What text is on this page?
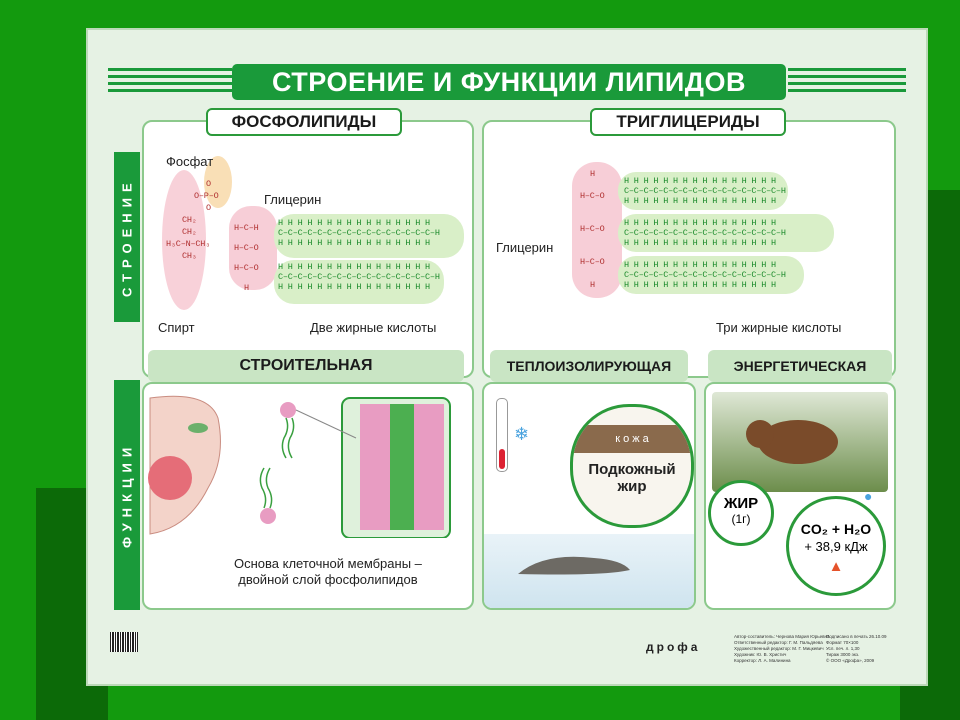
СТРОЕНИЕ И ФУНКЦИИ ЛИПИДОВ
СТРОЕНИЕ
ФУНКЦИИ
O
O–P–O
O
CH₂
CH₂
H₃C–N–CH₃
CH₃
H–C–H
H–C–O
H–C–O
H
H H H H H H H H H H H H H H H H
C–C–C–C–C–C–C–C–C–C–C–C–C–C–C–C–H
H H H H H H H H H H H H H H H H
H H H H H H H H H H H H H H H H
C–C–C–C–C–C–C–C–C–C–C–C–C–C–C–C–H
H H H H H H H H H H H H H H H H
Фосфат
Глицерин
Спирт	Две жирные кислоты
ФОСФОЛИПИДЫ
H
H–C–O
H–C–O
H–C–O
H
H H H H H H H H H H H H H H H H
C–C–C–C–C–C–C–C–C–C–C–C–C–C–C–C–H
H H H H H H H H H H H H H H H H
H H H H H H H H H H H H H H H H
C–C–C–C–C–C–C–C–C–C–C–C–C–C–C–C–H
H H H H H H H H H H H H H H H H
H H H H H H H H H H H H H H H H
C–C–C–C–C–C–C–C–C–C–C–C–C–C–C–C–H
H H H H H H H H H H H H H H H H
Глицерин
Три жирные кислоты
ТРИГЛИЦЕРИДЫ
СТРОИТЕЛЬНАЯ	ТЕПЛОИЗОЛИРУЮЩАЯ	ЭНЕРГЕТИЧЕСКАЯ
Основа клеточной мембраны –
двойной слой фосфолипидов
❄	к о ж а
Подкожный
жир
ЖИР
(1г)
CO₂ + H₂O
+ 38,9 кДж
▲
●
дрофа
Автор-составитель: Чернова Мария Юрьевна
Ответственный редактор: Г. М. Пальдяева
Художественный редактор: М. Г. Мицкевич
Художник: Ю. В. Христич
Корректор: Л. А. Малинина
Подписано в печать 26.10.09
Формат 70×100
Усл. печ. л. 1,30
Тираж 3000 экз.
© ООО «Дрофа», 2009
